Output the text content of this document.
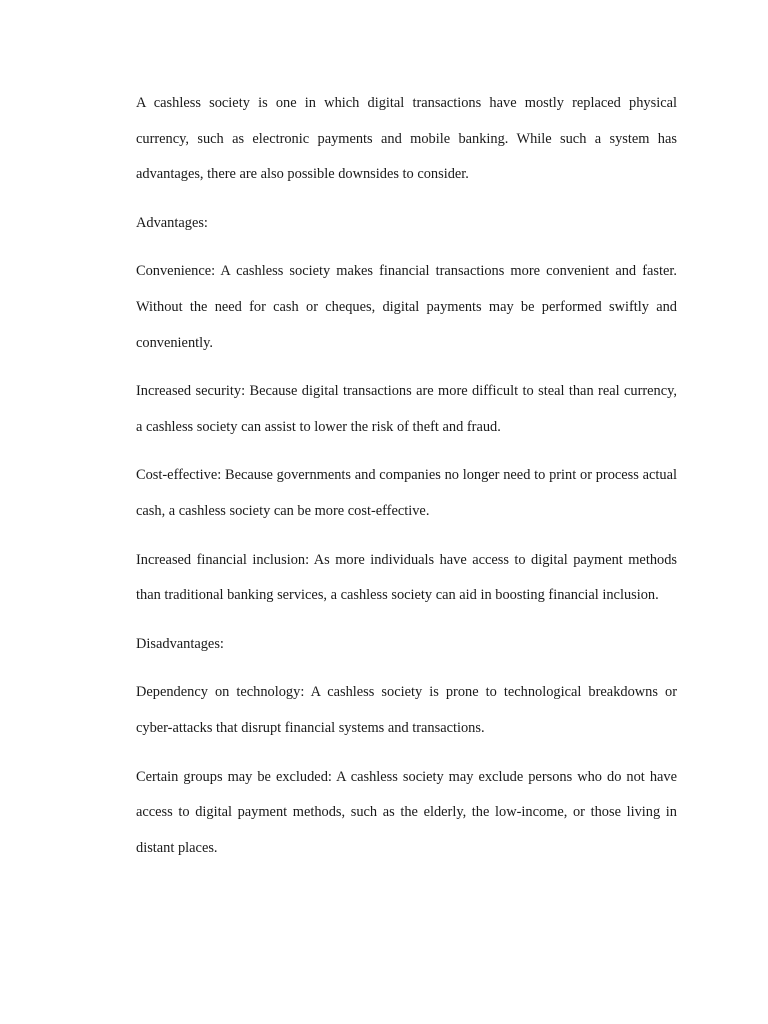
A cashless society is one in which digital transactions have mostly replaced physical currency, such as electronic payments and mobile banking. While such a system has advantages, there are also possible downsides to consider.

Advantages:

Convenience: A cashless society makes financial transactions more convenient and faster. Without the need for cash or cheques, digital payments may be performed swiftly and conveniently.

Increased security: Because digital transactions are more difficult to steal than real currency, a cashless society can assist to lower the risk of theft and fraud.

Cost-effective: Because governments and companies no longer need to print or process actual cash, a cashless society can be more cost-effective.

Increased financial inclusion: As more individuals have access to digital payment methods than traditional banking services, a cashless society can aid in boosting financial inclusion.

Disadvantages:

Dependency on technology: A cashless society is prone to technological breakdowns or cyber-attacks that disrupt financial systems and transactions.

Certain groups may be excluded: A cashless society may exclude persons who do not have access to digital payment methods, such as the elderly, the low-income, or those living in distant places.
